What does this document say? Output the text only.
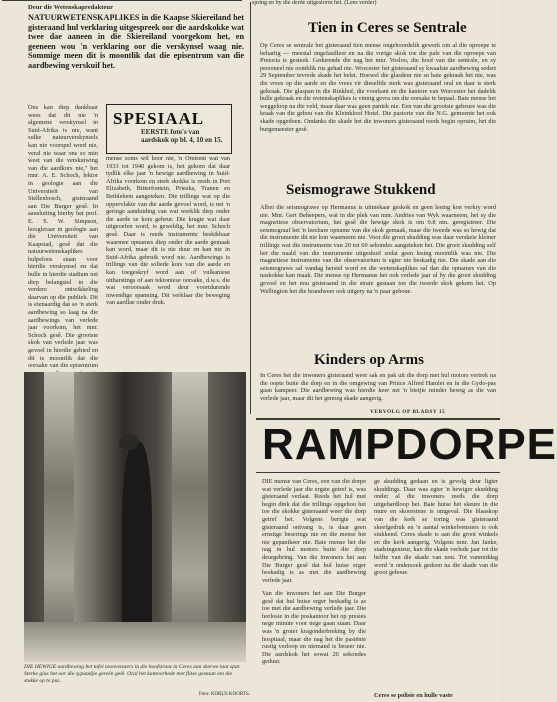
spring en by die derde uitgestorm het. (Lees verder)
Deur die Wetenskapredakteur
NATUURWETENSKAPLIKES in die Kaapse Skiereiland het gisteraand hul verklaring uitgespreek oor die aardskokke wat twee dae aaneen in die Skiereiland voorgekom het, en geeneen wou 'n verklaring oor die verskynsel waag nie. Sommige meen dit is moontlik dat die episentrum van die aardbewing verskuif het.
Ons kan diep dankbaar wees dat dit nie 'n algemene verskynsel in Suid-Afrika is nie, want sulke natuurverskynsels kan nie voorspel word nie, veral nie waar ons so min weet van die verskuiwing van die aardkors nie," het mnr. A. E. Schoch, lektor in geologie aan die Universiteit van Stellenbosch, gisteraand aan Die Burger gesê. In aansluiting hierby het prof. E. S. W. Simpson, hoogleraar in geologie aan die Universiteit van Kaapstad, gesê dat die natuurwetenskaplikes hulpeloos staan voor hierdie verskynsel en dat hulle in hierdie stadium net diep belangstel in die verdere ontwikkeling daarvan op die publiek. Dit is eienaardig dat so 'n sterk aardbewing so laag na die aardbewings van verlede jaar voorkom, het mnr. Schoch gesê. Die grootste skok van verlede jaar was gevoel in hierdie gebied en dit is moontlik dat die oorsake van die episentrum
SPESIAAL
EERSTE foto's van aardskok op bl. 4, 10 en 15.
mense soms wil hoor nie, 'n Omtrent wat van 1933 tot 1940 gekom is, het gekom dat daar tydlik elke jaar 'n hewige aardbewing in Suid-Afrika voorkom en sterk skokke is reeds in Port Elizabeth, Bitterfontein, Prieska, Tranen en Bethlehem aangeteken. Die trillings wat op die oppervlakte van die aarde gevoel word, is net 'n geringe aanduiding van wat werklik diep onder die aarde se kors gebeur. Die kragte wat daar uitgeoefen word, is geweldig, het mnr. Schoch gesê. Daar is reeds instrumente beskikbaar waarmee opnames diep onder die aarde gemaak kan word, maar dit is nie duur en kan nie in Suid-Afrika gebruik word nie. Aardbewings is trillings van die soliede kors van die aarde en kan toegeskryf word aan of vulkaniese uitbarstings of aan tektoniese oorsake, d.w.s. die wat veroorsaak word deur voortdurende inwendige spanning. Dit verklaar die beweging van aardlae onder druk.
DIE HEWIGE aardbewing het tafel toonvensters in die hoofstraat in Ceres aan skerwe laat spat. Sterke glas het oor die sypaadjie gereën gelê. Oral het kantoorhede met flitse gestaan om die stukke op te pas.
Foto: KOBUS KOORTS.
Tien in Ceres se Sentrale
Op Ceres se sentrale het gisteraand tien mense ongehoordelik gewerk om al die oproepe te behartig — meestal ongefasilleer en na die vorige skok toe die pale van die oproepe van Pretoria is gesteek. Gedurende die nag het mnr. Vosloo, die hoof van die sentrale, en sy personeel nie oomblik rus gehad nie. Worcester het gisteraand sy kwaalste aardbewing sedert 29 September tevrede skade het belet. Hoewel die glasdeur nie so baie gekraak het nie, was die vrees op die aarde en die vrees vir dieselfde sterk was gisteraand oral en daar is sterk gekraak. Die glaspan in die Rinkhof, die voorkant en die kantore van Worcester het dadelik hulle gekraak en die wetenskaplikes is vinnig gevra om die oorsake te bepaal. Baie mense het weggeloop na die veld, maar daar was geen paniek nie. Een van die grootste gebeure was die kraak van die gebou van die Kleinkloof Hotel. Die pastorie van die N.G. gemeente het ook skade opgedoen. Ondanks die skade het die inwoners gisteraand reeds begin opruim, het die burgemeester gesê.
Seismograwe Stukkend
Albei die seismograwe op Hermanus is uitmekaar geskok en geen lesing kon verkry word nie. Mnr. Gert Beheepers, wat in die plek van mnr. Andries van Wyk waarneem, het sy die magnetiese observatorium, het gesê die hewige skok is om 9.8 nm. geregistreer. Die seismograaf het 'n leesbare opname van die skok gemaak, maar die tweede was so hewig dat die instrumente dit nie kon waarneem nie. Voor die groot skudding was daar verskeie kleiner trillings wat die instrumente van 20 tot 60 sekondes aangeteken het. Die groot skudding self het die naald van die instrumente uitgeskuif sodat geen lesing moontlik was nie. Die magnetiese instrumente van die observatorium is egter nie beskadig nie. Die skade aan die seismograwe sal vandag herstel word en die wetenskaplikes sal dan die opnames van die naskokke kan maak. Die mense op Hermanus het ook verlede jaar ul by die groot skudding gevoel en het nou gisteraand in die strate gestaan toe die tweede skok gekom het. Op Wellington het die brandweer ook uitgery na 'n paar geboue.
Kinders op Arms
In Ceres het die inwoners gisteraand weer sak en pak uit die dorp met hul motors vertrek na die oopte buite die dorp en in die omgewing van Prince Alfred Hamlet en in die Gydo-pas gaan kampeer. Die aardbewing was hierdie keer net 'n bietjie minder hewig as die van verlede jaar, maar dit het genoeg skade aangerig.
VERVOLG OP BLADSY 15
RAMPDORPE
DIE mense van Ceres, een van die dorpe wat verlede jaar die ergste getref is, was gisteraand verlaat. Reeds het hul met begin dink dat die trillings opgehou het toe die skokke gisteraand weer die dorp getref het. Volgens berigte wat gisteraand ontvang is, is daar geen ernstige beserings nie en die mense het nie gepanikeer nie. Baie mense het die nag in hul motors buite die dorp deurgebring. Van die inwoners het aan Die Burger gesê dat hul huise erger beskadig is as met die aardbewing verlede jaar.
Van die inwoners het aan Die Burger gesê dat hul huise erger beskadig is as toe met die aardbewing verlede jaar. Die horlosie in die poskantoor het op presies nege minute voor nege gaan staan. Daar was 'n groter kragonderbreking by die hospitaal, maar die nag het die pasiënte rustig verloop en niemand is beseer nie. Die aardskok het sowat 20 sekondes geduur.
ge skudding gedaan en is gevolg deur ligter skuddings. Daar was egter 'n hewiger skudding onder al die inwoners reeds die dorp uitgehardloop het. Baie huise het skeure in die mure en skoorstene is omgeval. Die blaaskop van die kerk se toring was gisteraand skeefgedruk en 'n aantal winkelvensters is ook stukkend. Ceres skade is aan die groot winkels en die kerk aangerig. Volgens mnr. Jan Janke, stadsingenieur, kan die skade verlede jaar tot die helfte van die skade van nou. Tot vanmiddag word 'n ondersoek gedoen na die skade van die groot geboue.
Ceres se polisie en hulle vaste
